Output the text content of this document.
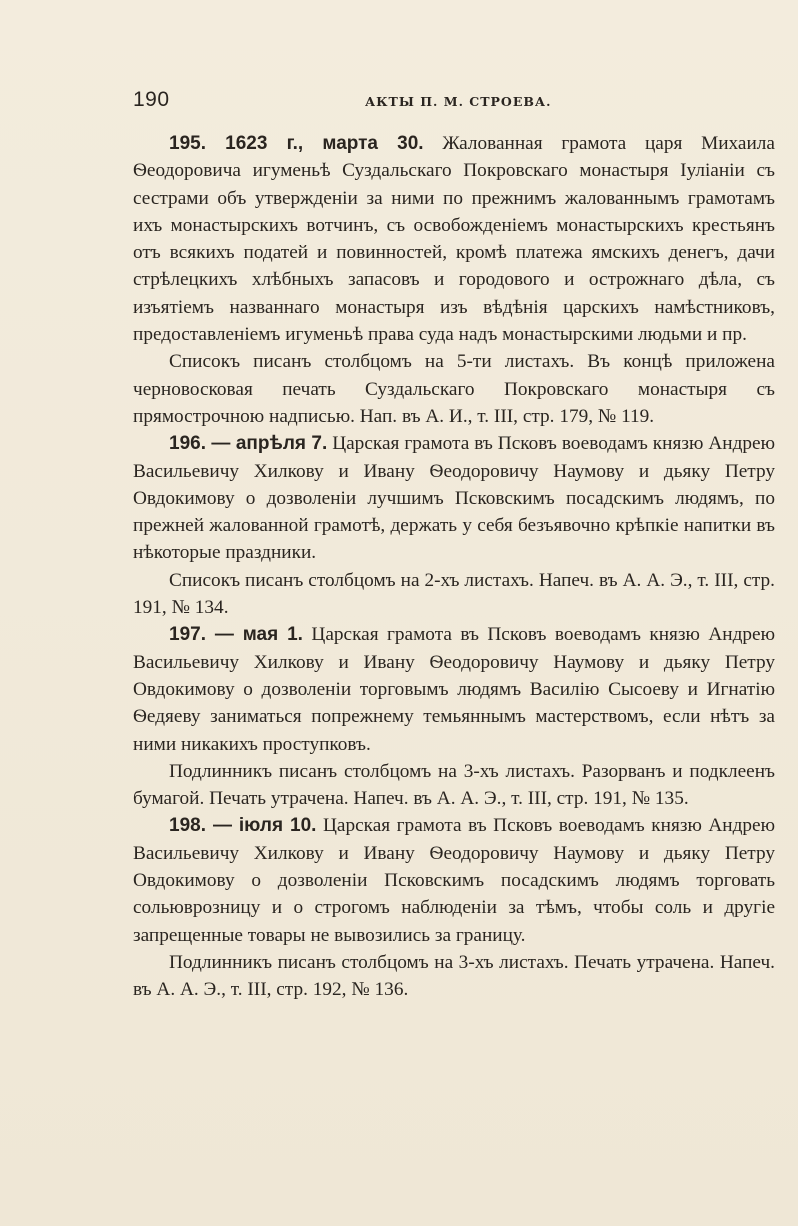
190	АКТЫ П. М. СТРОЕВА.

195. 1623 г., марта 30. Жалованная грамота царя Михаила Ѳеодоровича игуменьѣ Суздальскаго Покровскаго монастыря Іуліаніи съ сестрами объ утвержденіи за ними по прежнимъ жалованнымъ грамотамъ ихъ монастырскихъ вотчинъ, съ освобожденіемъ монастырскихъ крестьянъ отъ всякихъ податей и повинностей, кромѣ платежа ямскихъ денегъ, дачи стрѣлецкихъ хлѣбныхъ запасовъ и городового и острожнаго дѣла, съ изъятіемъ названнаго монастыря изъ вѣдѣнія царскихъ намѣстниковъ, предоставленіемъ игуменьѣ права суда надъ монастырскими людьми и пр.

Списокъ писанъ столбцомъ на 5-ти листахъ. Въ концѣ приложена черновосковая печать Суздальскаго Покровскаго монастыря съ прямострочною надписью. Нап. въ А. И., т. III, стр. 179, № 119.

196. — апрѣля 7. Царская грамота въ Псковъ воеводамъ князю Андрею Васильевичу Хилкову и Ивану Ѳеодоровичу Наумову и дьяку Петру Овдокимову о дозволеніи лучшимъ Псковскимъ посадскимъ людямъ, по прежней жалованной грамотѣ, держать у себя безъявочно крѣпкіе напитки въ нѣкоторые праздники.

Списокъ писанъ столбцомъ на 2-хъ листахъ. Напеч. въ А. А. Э., т. III, стр. 191, № 134.

197. — мая 1. Царская грамота въ Псковъ воеводамъ князю Андрею Васильевичу Хилкову и Ивану Ѳеодоровичу Наумову и дьяку Петру Овдокимову о дозволеніи торговымъ людямъ Василію Сысоеву и Игнатію Ѳедяеву заниматься попрежнему темьяннымъ мастерствомъ, если нѣтъ за ними никакихъ проступковъ.

Подлинникъ писанъ столбцомъ на 3-хъ листахъ. Разорванъ и подклеенъ бумагой. Печать утрачена. Напеч. въ А. А. Э., т. III, стр. 191, № 135.

198. — іюля 10. Царская грамота въ Псковъ воеводамъ князю Андрею Васильевичу Хилкову и Ивану Ѳеодоровичу Наумову и дьяку Петру Овдокимову о дозволеніи Псковскимъ посадскимъ людямъ торговать сольюврозницу и о строгомъ наблюденіи за тѣмъ, чтобы соль и другіе запрещенные товары не вывозились за границу.

Подлинникъ писанъ столбцомъ на 3-хъ листахъ. Печать утрачена. Напеч. въ А. А. Э., т. III, стр. 192, № 136.
